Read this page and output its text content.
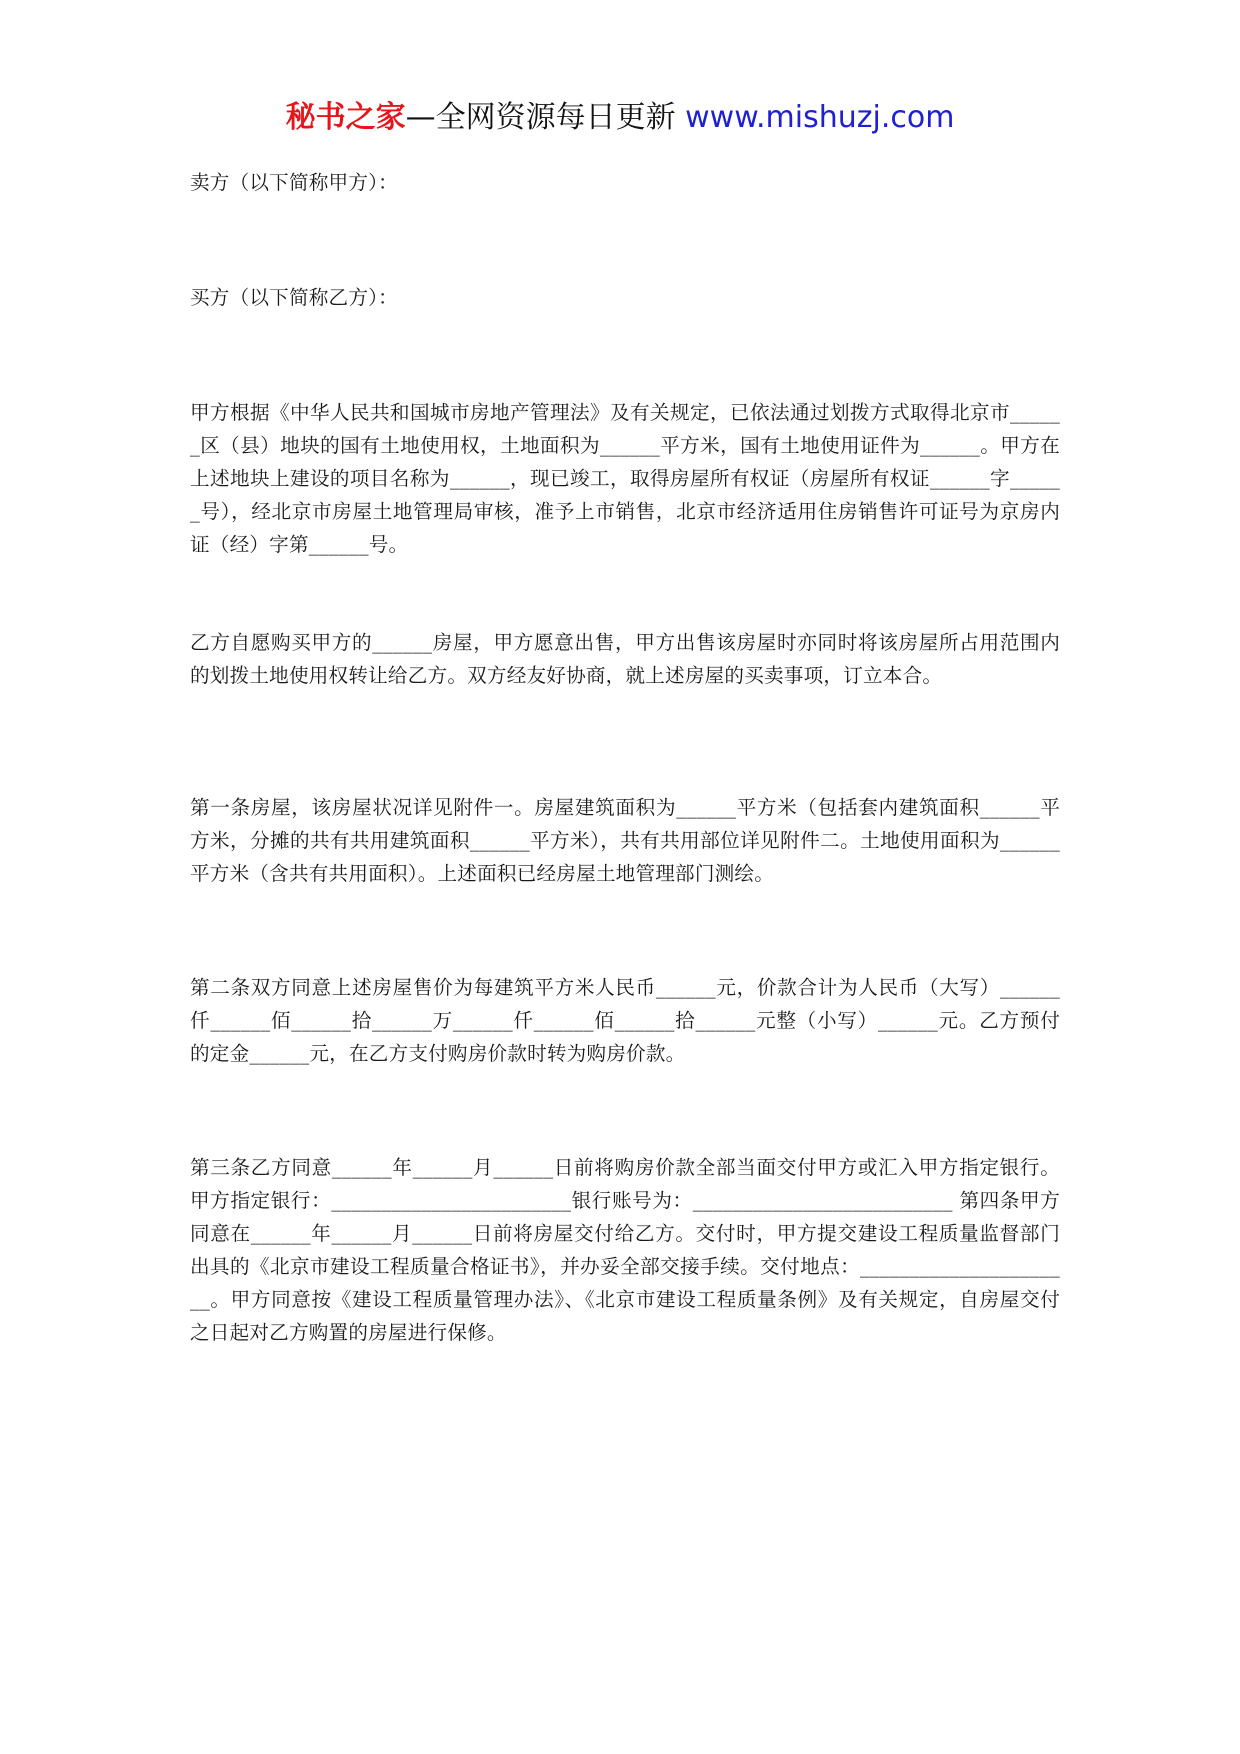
秘书之家—全网资源每日更新 www.mishuzj.com
卖方（以下简称甲方）：
买方（以下简称乙方）：
甲方根据《中华人民共和国城市房地产管理法》及有关规定，已依法通过划拨方式取得北京市______区（县）地块的国有土地使用权，土地面积为______平方米，国有土地使用证件为______。甲方在上述地块上建设的项目名称为______，现已竣工，取得房屋所有权证（房屋所有权证______字______号），经北京市房屋土地管理局审核，准予上市销售，北京市经济适用住房销售许可证号为京房内证（经）字第______号。
乙方自愿购买甲方的______房屋，甲方愿意出售，甲方出售该房屋时亦同时将该房屋所占用范围内的划拨土地使用权转让给乙方。双方经友好协商，就上述房屋的买卖事项，订立本合。
第一条房屋，该房屋状况详见附件一。房屋建筑面积为______平方米（包括套内建筑面积______平方米，分摊的共有共用建筑面积______平方米），共有共用部位详见附件二。土地使用面积为______平方米（含共有共用面积）。上述面积已经房屋土地管理部门测绘。
第二条双方同意上述房屋售价为每建筑平方米人民币______元，价款合计为人民币（大写）______仟______佰______拾______万______仟______佰______拾______元整（小写）______元。乙方预付的定金______元，在乙方支付购房价款时转为购房价款。
第三条乙方同意______年______月______日前将购房价款全部当面交付甲方或汇入甲方指定银行。甲方指定银行：________________________银行账号为：__________________________ 第四条甲方同意在______年______月______日前将房屋交付给乙方。交付时，甲方提交建设工程质量监督部门出具的《北京市建设工程质量合格证书》，并办妥全部交接手续。交付地点：______________________。甲方同意按《建设工程质量管理办法》、《北京市建设工程质量条例》及有关规定，自房屋交付之日起对乙方购置的房屋进行保修。
